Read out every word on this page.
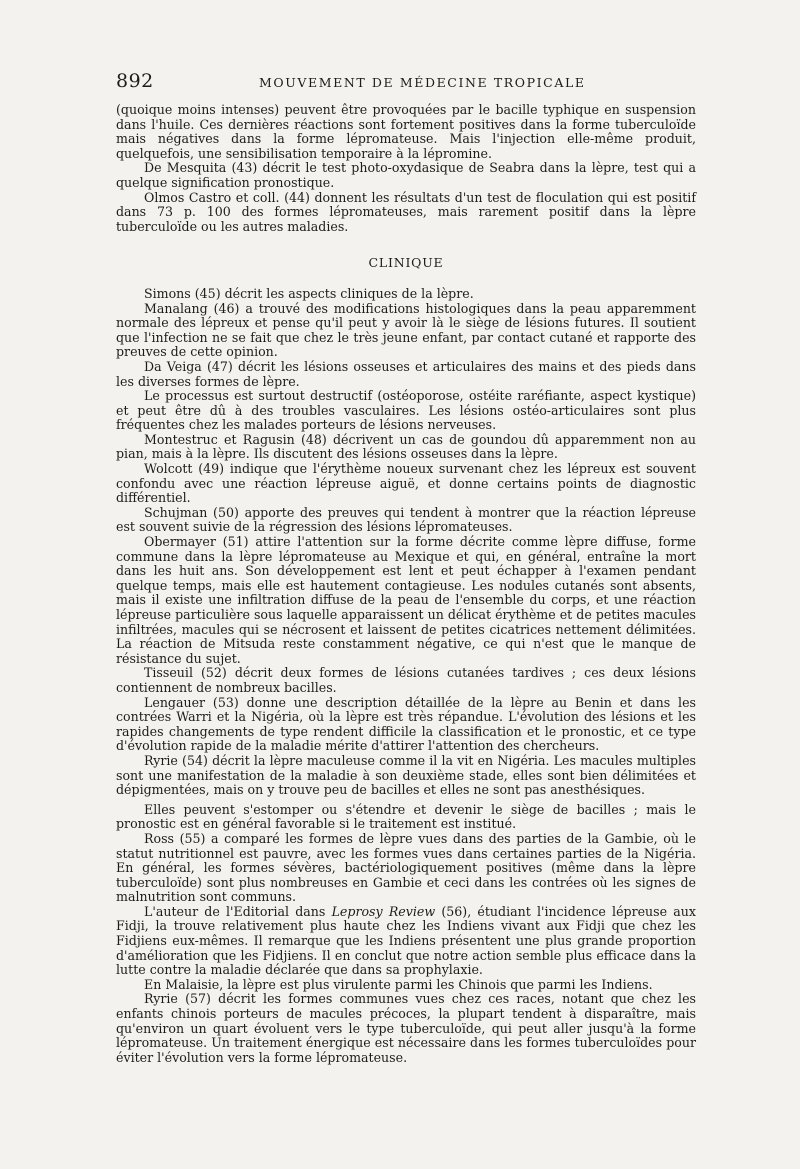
892	MOUVEMENT DE MÉDECINE TROPICALE

(quoique moins intenses) peuvent être provoquées par le bacille typhique en suspension dans l'huile. Ces dernières réactions sont fortement positives dans la forme tuberculoïde mais négatives dans la forme lépromateuse. Mais l'injection elle-même produit, quelquefois, une sensibilisation temporaire à la lépromine.

De Mesquita (43) décrit le test photo-oxydasique de Seabra dans la lèpre, test qui a quelque signification pronostique.

Olmos Castro et coll. (44) donnent les résultats d'un test de floculation qui est positif dans 73 p. 100 des formes lépromateuses, mais rarement positif dans la lèpre tuberculoïde ou les autres maladies.

CLINIQUE

Simons (45) décrit les aspects cliniques de la lèpre.

Manalang (46) a trouvé des modifications histologiques dans la peau apparemment normale des lépreux et pense qu'il peut y avoir là le siège de lésions futures. Il soutient que l'infection ne se fait que chez le très jeune enfant, par contact cutané et rapporte des preuves de cette opinion.

Da Veiga (47) décrit les lésions osseuses et articulaires des mains et des pieds dans les diverses formes de lèpre.

Le processus est surtout destructif (ostéoporose, ostéite raréfiante, aspect kystique) et peut être dû à des troubles vasculaires. Les lésions ostéo-articulaires sont plus fréquentes chez les malades porteurs de lésions nerveuses.

Montestruc et Ragusin (48) décrivent un cas de goundou dû apparemment non au pian, mais à la lèpre. Ils discutent des lésions osseuses dans la lèpre.

Wolcott (49) indique que l'érythème noueux survenant chez les lépreux est souvent confondu avec une réaction lépreuse aiguë, et donne certains points de diagnostic différentiel.

Schujman (50) apporte des preuves qui tendent à montrer que la réaction lépreuse est souvent suivie de la régression des lésions lépromateuses.

Obermayer (51) attire l'attention sur la forme décrite comme lèpre diffuse, forme commune dans la lèpre lépromateuse au Mexique et qui, en général, entraîne la mort dans les huit ans. Son développement est lent et peut échapper à l'examen pendant quelque temps, mais elle est hautement contagieuse. Les nodules cutanés sont absents, mais il existe une infiltration diffuse de la peau de l'ensemble du corps, et une réaction lépreuse particulière sous laquelle apparaissent un délicat érythème et de petites macules infiltrées, macules qui se nécrosent et laissent de petites cicatrices nettement délimitées. La réaction de Mitsuda reste constamment négative, ce qui n'est que le manque de résistance du sujet.

Tisseuil (52) décrit deux formes de lésions cutanées tardives ; ces deux lésions contiennent de nombreux bacilles.

Lengauer (53) donne une description détaillée de la lèpre au Benin et dans les contrées Warri et la Nigéria, où la lèpre est très répandue. L'évolution des lésions et les rapides changements de type rendent difficile la classification et le pronostic, et ce type d'évolution rapide de la maladie mérite d'attirer l'attention des chercheurs.

Ryrie (54) décrit la lèpre maculeuse comme il la vit en Nigéria. Les macules multiples sont une manifestation de la maladie à son deuxième stade, elles sont bien délimitées et dépigmentées, mais on y trouve peu de bacilles et elles ne sont pas anesthésiques.

Elles peuvent s'estomper ou s'étendre et devenir le siège de bacilles ; mais le pronostic est en général favorable si le traitement est institué.

Ross (55) a comparé les formes de lèpre vues dans des parties de la Gambie, où le statut nutritionnel est pauvre, avec les formes vues dans certaines parties de la Nigéria. En général, les formes sévères, bactériologiquement positives (même dans la lèpre tuberculoïde) sont plus nombreuses en Gambie et ceci dans les contrées où les signes de malnutrition sont communs.

L'auteur de l'Editorial dans Leprosy Review (56), étudiant l'incidence lépreuse aux Fidji, la trouve relativement plus haute chez les Indiens vivant aux Fidji que chez les Fidjiens eux-mêmes. Il remarque que les Indiens présentent une plus grande proportion d'amélioration que les Fidjiens. Il en conclut que notre action semble plus efficace dans la lutte contre la maladie déclarée que dans sa prophylaxie.

En Malaisie, la lèpre est plus virulente parmi les Chinois que parmi les Indiens.

Ryrie (57) décrit les formes communes vues chez ces races, notant que chez les enfants chinois porteurs de macules précoces, la plupart tendent à disparaître, mais qu'environ un quart évoluent vers le type tuberculoïde, qui peut aller jusqu'à la forme lépromateuse. Un traitement énergique est nécessaire dans les formes tuberculoïdes pour éviter l'évolution vers la forme lépromateuse.
